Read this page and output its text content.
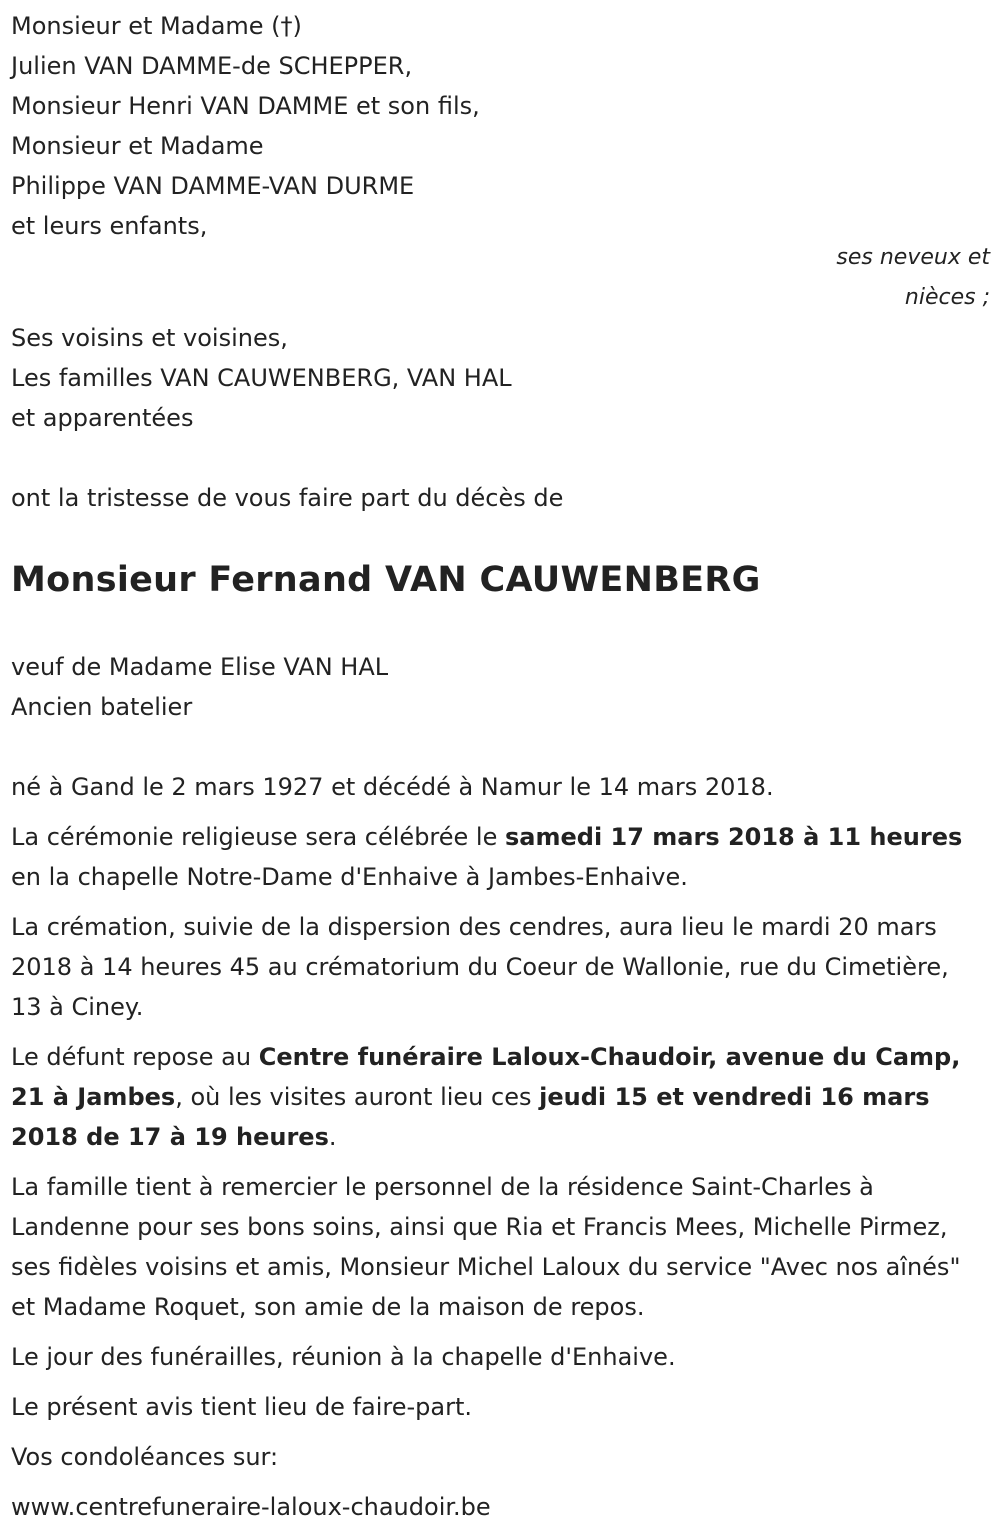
Monsieur et Madame (†)
Julien VAN DAMME-de SCHEPPER,
Monsieur Henri VAN DAMME et son fils,
Monsieur et Madame
Philippe VAN DAMME-VAN DURME
et leurs enfants,
ses neveux et
nièces ;
Ses voisins et voisines,
Les familles VAN CAUWENBERG, VAN HAL
et apparentées
ont la tristesse de vous faire part du décès de
Monsieur Fernand VAN CAUWENBERG
veuf de Madame Elise VAN HAL
Ancien batelier

né à Gand le 2 mars 1927 et décédé à Namur le 14 mars 2018.

La cérémonie religieuse sera célébrée le samedi 17 mars 2018 à 11 heures en la chapelle Notre-Dame d'Enhaive à Jambes-Enhaive.

La crémation, suivie de la dispersion des cendres, aura lieu le mardi 20 mars 2018 à 14 heures 45 au crématorium du Coeur de Wallonie, rue du Cimetière, 13 à Ciney.

Le défunt repose au Centre funéraire Laloux-Chaudoir, avenue du Camp, 21 à Jambes, où les visites auront lieu ces jeudi 15 et vendredi 16 mars 2018 de 17 à 19 heures.

La famille tient à remercier le personnel de la résidence Saint-Charles à Landenne pour ses bons soins, ainsi que Ria et Francis Mees, Michelle Pirmez, ses fidèles voisins et amis, Monsieur Michel Laloux du service "Avec nos aînés" et Madame Roquet, son amie de la maison de repos.

Le jour des funérailles, réunion à la chapelle d'Enhaive.

Le présent avis tient lieu de faire-part.

Vos condoléances sur:

www.centrefuneraire-laloux-chaudoir.be
